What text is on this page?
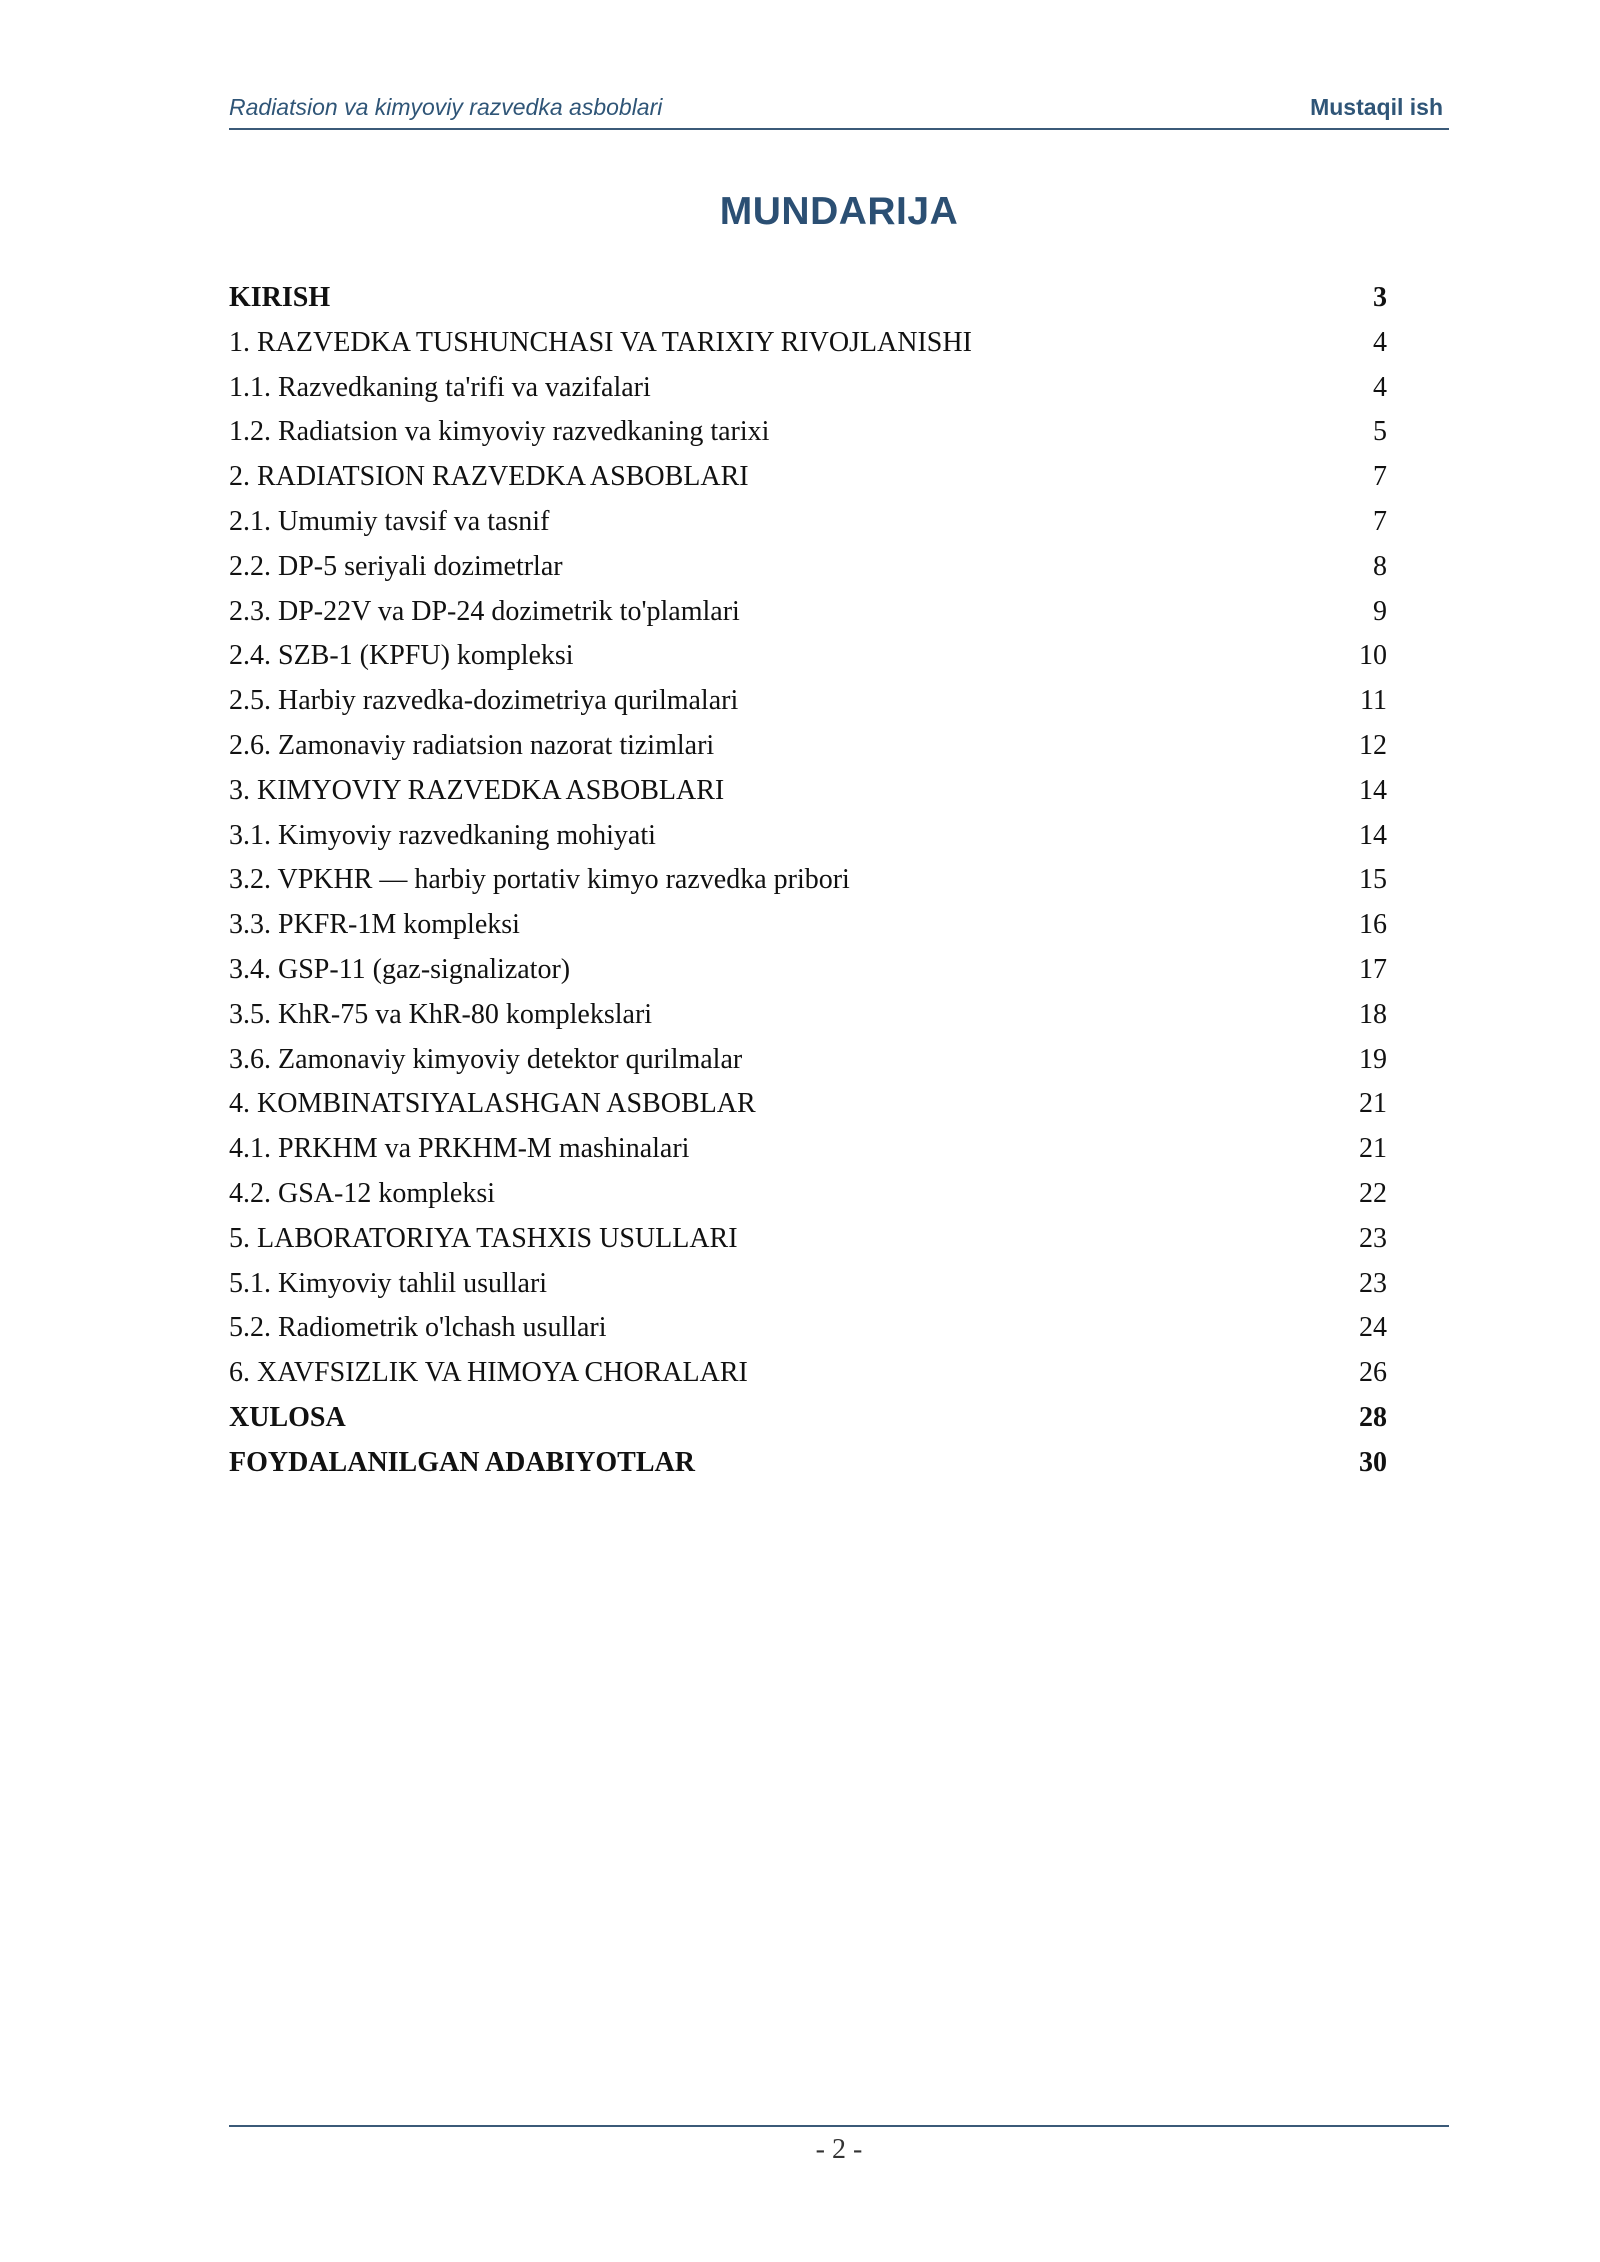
Radiatsion va kimyoviy razvedka asboblari	Mustaqil ish
MUNDARIJA
KIRISH	3
1. RAZVEDKA TUSHUNCHASI VA TARIXIY RIVOJLANISHI	4
1.1. Razvedkaning ta'rifi va vazifalari	4
1.2. Radiatsion va kimyoviy razvedkaning tarixi	5
2. RADIATSION RAZVEDKA ASBOBLARI	7
2.1. Umumiy tavsif va tasnif	7
2.2. DP-5 seriyali dozimetrlar	8
2.3. DP-22V va DP-24 dozimetrik to'plamlari	9
2.4. SZB-1 (KPFU) kompleksi	10
2.5. Harbiy razvedka-dozimetriya qurilmalari	11
2.6. Zamonaviy radiatsion nazorat tizimlari	12
3. KIMYOVIY RAZVEDKA ASBOBLARI	14
3.1. Kimyoviy razvedkaning mohiyati	14
3.2. VPKHR — harbiy portativ kimyo razvedka pribori	15
3.3. PKFR-1M kompleksi	16
3.4. GSP-11 (gaz-signalizator)	17
3.5. KhR-75 va KhR-80 komplekslari	18
3.6. Zamonaviy kimyoviy detektor qurilmalar	19
4. KOMBINATSIYALASHGAN ASBOBLAR	21
4.1. PRKHM va PRKHM-M mashinalari	21
4.2. GSA-12 kompleksi	22
5. LABORATORIYA TASHXIS USULLARI	23
5.1. Kimyoviy tahlil usullari	23
5.2. Radiometrik o'lchash usullari	24
6. XAVFSIZLIK VA HIMOYA CHORALARI	26
XULOSA	28
FOYDALANILGAN ADABIYOTLAR	30
- 2 -
